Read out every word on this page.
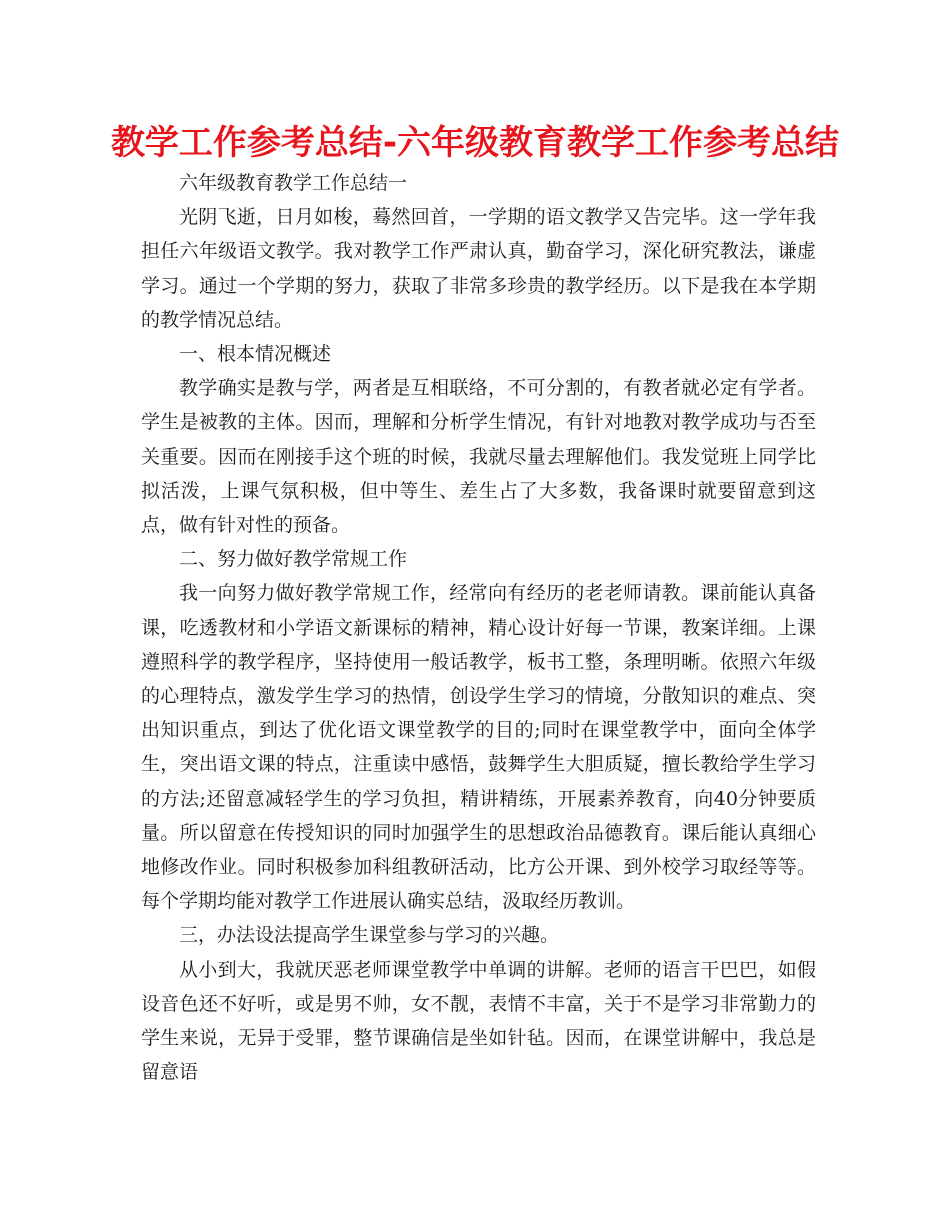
教学工作参考总结-六年级教育教学工作参考总结

六年级教育教学工作总结一

光阴飞逝，日月如梭，蓦然回首，一学期的语文教学又告完毕。这一学年我担任六年级语文教学。我对教学工作严肃认真，勤奋学习，深化研究教法，谦虚学习。通过一个学期的努力，获取了非常多珍贵的教学经历。以下是我在本学期的教学情况总结。

一、根本情况概述

教学确实是教与学，两者是互相联络，不可分割的，有教者就必定有学者。学生是被教的主体。因而，理解和分析学生情况，有针对地教对教学成功与否至关重要。因而在刚接手这个班的时候，我就尽量去理解他们。我发觉班上同学比拟活泼，上课气氛积极，但中等生、差生占了大多数，我备课时就要留意到这点，做有针对性的预备。

二、努力做好教学常规工作

我一向努力做好教学常规工作，经常向有经历的老老师请教。课前能认真备课，吃透教材和小学语文新课标的精神，精心设计好每一节课，教案详细。上课遵照科学的教学程序，坚持使用一般话教学，板书工整，条理明晰。依照六年级的心理特点，激发学生学习的热情，创设学生学习的情境，分散知识的难点、突出知识重点，到达了优化语文课堂教学的目的;同时在课堂教学中，面向全体学生，突出语文课的特点，注重读中感悟，鼓舞学生大胆质疑，擅长教给学生学习的方法;还留意减轻学生的学习负担，精讲精练，开展素养教育，向40分钟要质量。所以留意在传授知识的同时加强学生的思想政治品德教育。课后能认真细心地修改作业。同时积极参加科组教研活动，比方公开课、到外校学习取经等等。每个学期均能对教学工作进展认确实总结，汲取经历教训。

三，办法设法提高学生课堂参与学习的兴趣。

从小到大，我就厌恶老师课堂教学中单调的讲解。老师的语言干巴巴，如假设音色还不好听，或是男不帅，女不靓，表情不丰富，关于不是学习非常勤力的学生来说，无异于受罪，整节课确信是坐如针毡。因而，在课堂讲解中，我总是留意语
